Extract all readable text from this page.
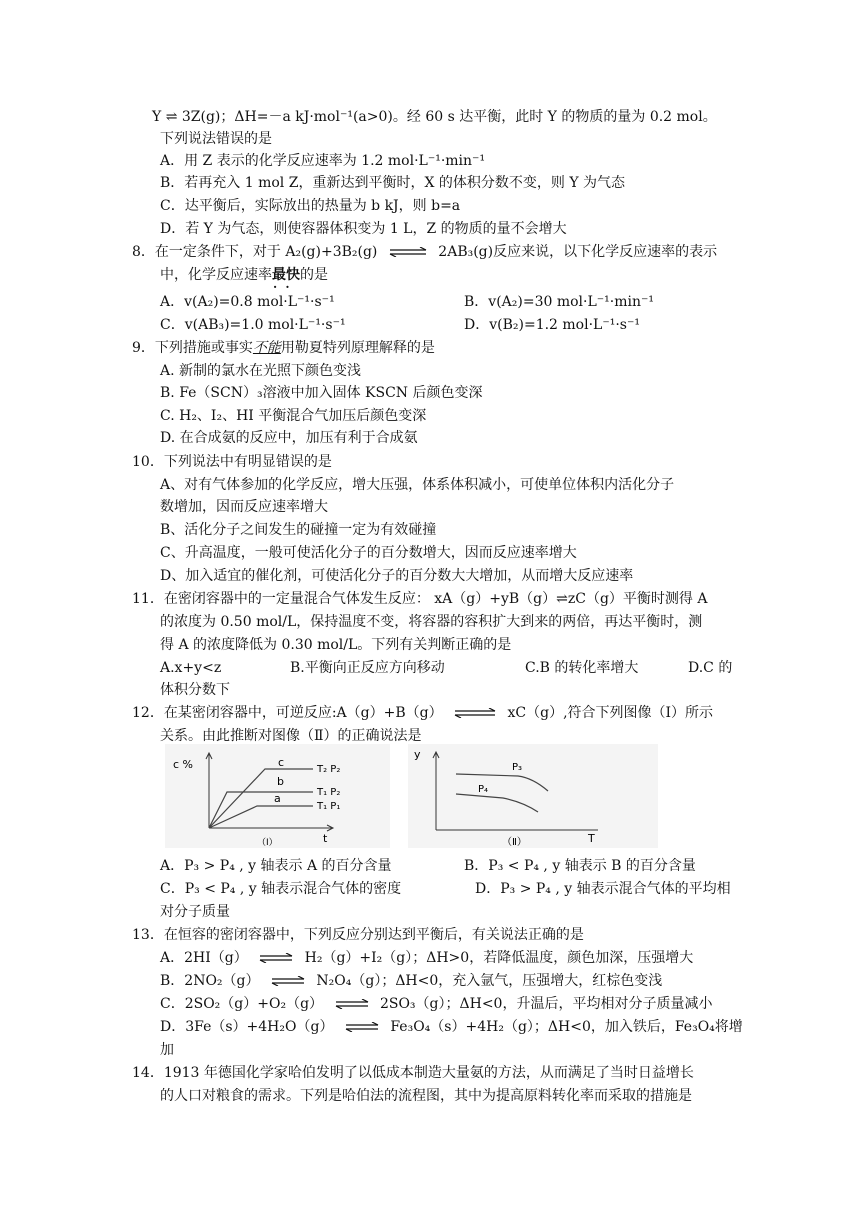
Y ⇌ 3Z(g)；ΔH=－a kJ·mol⁻¹(a>0)。经 60 s 达平衡，此时 Y 的物质的量为 0.2 mol。
下列说法错误的是
A．用 Z 表示的化学反应速率为 1.2 mol·L⁻¹·min⁻¹
B．若再充入 1 mol Z，重新达到平衡时，X 的体积分数不变，则 Y 为气态
C．达平衡后，实际放出的热量为 b kJ，则 b=a
D．若 Y 为气态，则使容器体积变为 1 L，Z 的物质的量不会增大
8．在一定条件下，对于 A₂(g)+3B₂(g) ⇌ 2AB₃(g)反应来说，以下化学反应速率的表示
中，化学反应速率最快 · ·的是
A．v(A₂)=0.8 mol·L⁻¹·s⁻¹	B．v(A₂)=30 mol·L⁻¹·min⁻¹
C．v(AB₃)=1.0 mol·L⁻¹·s⁻¹	D．v(B₂)=1.2 mol·L⁻¹·s⁻¹
9．下列措施或事实不能用勒夏特列原理解释的是
A. 新制的氯水在光照下颜色变浅
B. Fe（SCN）₃溶液中加入固体 KSCN 后颜色变深
C. H₂、I₂、HI 平衡混合气加压后颜色变深
D. 在合成氨的反应中，加压有利于合成氨
10．下列说法中有明显错误的是
A、对有气体参加的化学反应，增大压强，体系体积减小，可使单位体积内活化分子
数增加，因而反应速率增大
B、活化分子之间发生的碰撞一定为有效碰撞
C、升高温度，一般可使活化分子的百分数增大，因而反应速率增大
D、加入适宜的催化剂，可使活化分子的百分数大大增加，从而增大反应速率
11．在密闭容器中的一定量混合气体发生反应： xA（g）+yB（g）⇌zC（g）平衡时测得 A
的浓度为 0.50 mol/L，保持温度不变，将容器的容积扩大到来的两倍，再达平衡时，测
得 A 的浓度降低为 0.30 mol/L。下列有关判断正确的是
A.x+y<z	B.平衡向正反应方向移动	C.B 的转化率增大	D.C 的
体积分数下
12．在某密闭容器中，可逆反应:A（g）+B（g） ⇌ xC（g）,符合下列图像（Ⅰ）所示
关系。由此推断对图像（Ⅱ）的正确说法是
c %
t
（Ⅰ）
c
b
a
T₂ P₂
T₁ P₂
T₁ P₁
y
T
（Ⅱ）
P₃
P₄
A．P₃ > P₄ , y 轴表示 A 的百分含量	B．P₃ < P₄ , y 轴表示 B 的百分含量
C．P₃ < P₄ , y 轴表示混合气体的密度	D．P₃ > P₄ , y 轴表示混合气体的平均相
对分子质量
13．在恒容的密闭容器中，下列反应分别达到平衡后，有关说法正确的是
A．2HI（g） ⇌ H₂（g）+I₂（g）；ΔH>0，若降低温度，颜色加深，压强增大
B．2NO₂（g） ⇌ N₂O₄（g）；ΔH<0，充入氩气，压强增大，红棕色变浅
C．2SO₂（g）+O₂（g） ⇌ 2SO₃（g）；ΔH<0，升温后，平均相对分子质量减小
D．3Fe（s）+4H₂O（g） ⇌ Fe₃O₄（s）+4H₂（g）；ΔH<0，加入铁后，Fe₃O₄将增
加
14．1913 年德国化学家哈伯发明了以低成本制造大量氨的方法，从而满足了当时日益增长
的人口对粮食的需求。下列是哈伯法的流程图，其中为提高原料转化率而采取的措施是
